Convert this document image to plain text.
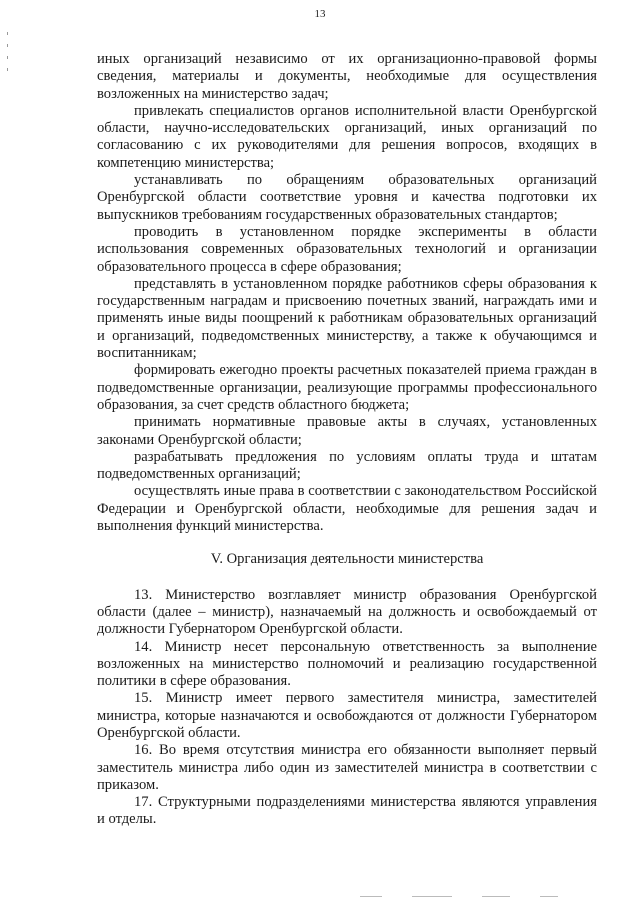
13

иных организаций независимо от их организационно-правовой формы сведения, материалы и документы, необходимые для осуществления возложенных на министерство задач;

привлекать специалистов органов исполнительной власти Оренбургской области, научно-исследовательских организаций, иных организаций по согласованию с их руководителями для решения вопросов, входящих в компетенцию министерства;

устанавливать по обращениям образовательных организаций Оренбургской области соответствие уровня и качества подготовки их выпускников требованиям государственных образовательных стандартов;

проводить в установленном порядке эксперименты в области использования современных образовательных технологий и организации образовательного процесса в сфере образования;

представлять в установленном порядке работников сферы образования к государственным наградам и присвоению почетных званий, награждать ими и применять иные виды поощрений к работникам образовательных организаций и организаций, подведомственных министерству, а также к обучающимся и воспитанникам;

формировать ежегодно проекты расчетных показателей приема граждан в подведомственные организации, реализующие программы профессионального образования, за счет средств областного бюджета;

принимать нормативные правовые акты в случаях, установленных законами Оренбургской области;

разрабатывать предложения по условиям оплаты труда и штатам подведомственных организаций;

осуществлять иные права в соответствии с законодательством Российской Федерации и Оренбургской области, необходимые для решения задач и выполнения функций министерства.

V. Организация деятельности министерства

13. Министерство возглавляет министр образования Оренбургской области (далее – министр), назначаемый на должность и освобождаемый от должности Губернатором Оренбургской области.

14. Министр несет персональную ответственность за выполнение возложенных на министерство полномочий и реализацию государственной политики в сфере образования.

15. Министр имеет первого заместителя министра, заместителей министра, которые назначаются и освобождаются от должности Губернатором Оренбургской области.

16. Во время отсутствия министра его обязанности выполняет первый заместитель министра либо один из заместителей министра в соответствии с приказом.

17. Структурными подразделениями министерства являются управления и отделы.
